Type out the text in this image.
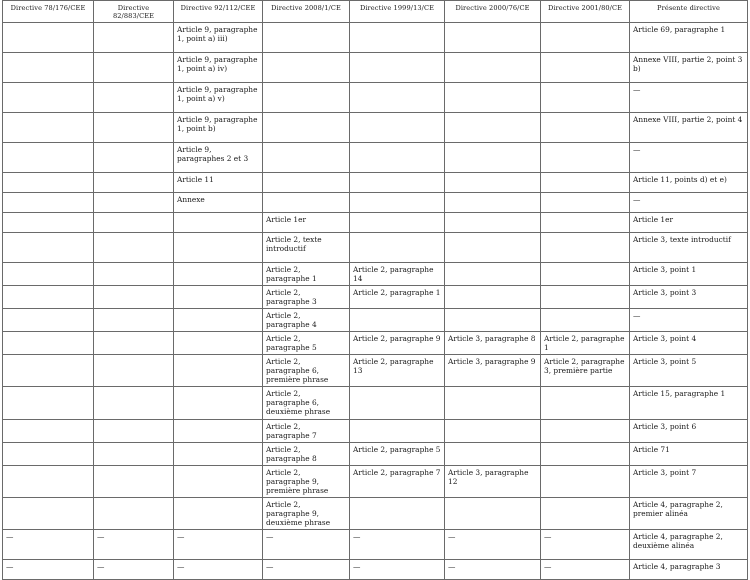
Directive 78/176/CEE	Directive 82/883/CEE	Directive 92/112/CEE	Directive 2008/1/CE	Directive 1999/13/CE	Directive 2000/76/CE	Directive 2001/80/CE	Présente directive
		Article 9, paragraphe 1, point a) iii)					Article 69, paragraphe 1
		Article 9, paragraphe 1, point a) iv)					Annexe VIII, partie 2, point 3 b)
		Article 9, paragraphe 1, point a) v)					—
		Article 9, paragraphe 1, point b)					Annexe VIII, partie 2, point 4
		Article 9, paragraphes 2 et 3					—
		Article 11					Article 11, points d) et e)
		Annexe					—
			Article 1er				Article 1er
			Article 2, texte introductif				Article 3, texte introductif
			Article 2, paragraphe 1	Article 2, paragraphe 14			Article 3, point 1
			Article 2, paragraphe 3	Article 2, paragraphe 1			Article 3, point 3
			Article 2, paragraphe 4				—
			Article 2, paragraphe 5	Article 2, paragraphe 9	Article 3, paragraphe 8	Article 2, paragraphe 1	Article 3, point 4
			Article 2, paragraphe 6, première phrase	Article 2, paragraphe 13	Article 3, paragraphe 9	Article 2, paragraphe 3, première partie	Article 3, point 5
			Article 2, paragraphe 6, deuxième phrase				Article 15, paragraphe 1
			Article 2, paragraphe 7				Article 3, point 6
			Article 2, paragraphe 8	Article 2, paragraphe 5			Article 71
			Article 2, paragraphe 9, première phrase	Article 2, paragraphe 7	Article 3, paragraphe 12		Article 3, point 7
			Article 2, paragraphe 9, deuxième phrase				Article 4, paragraphe 2, premier alinéa
—	—	—	—	—	—	—	Article 4, paragraphe 2, deuxième alinéa
—	—	—	—	—	—	—	Article 4, paragraphe 3
